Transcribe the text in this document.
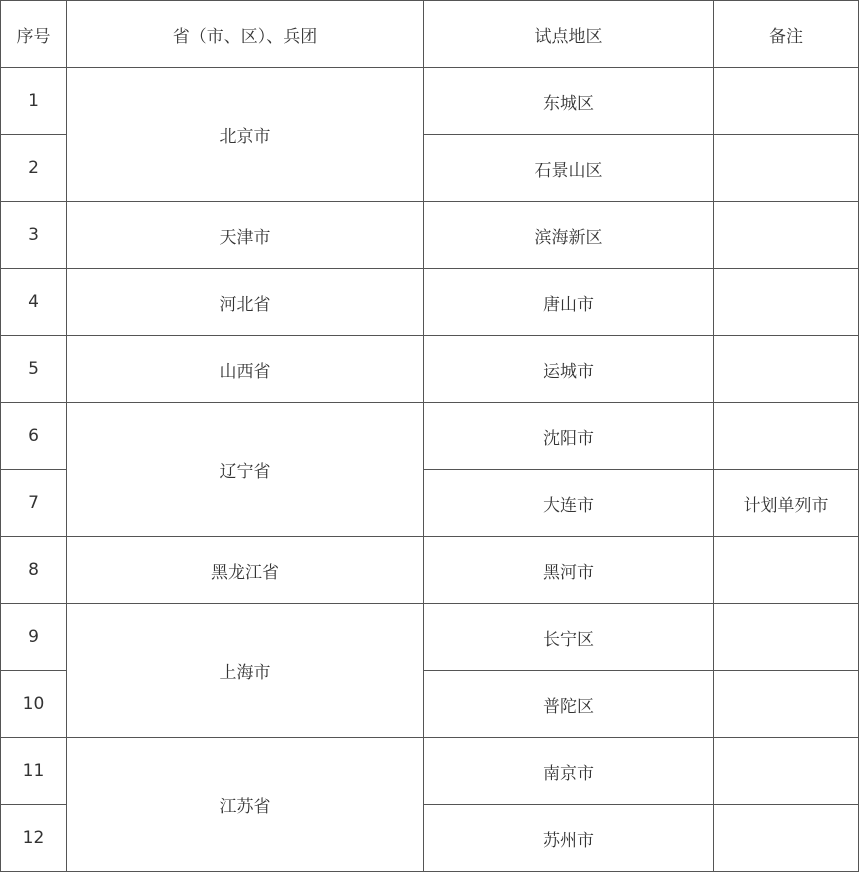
序号	省（市、区）、兵团	试点地区	备注
1	北京市	东城区	
2		石景山区	
3	天津市	滨海新区	
4	河北省	唐山市	
5	山西省	运城市	
6	辽宁省	沈阳市	
7		大连市	计划单列市
8	黑龙江省	黑河市	
9	上海市	长宁区	
10		普陀区	
11	江苏省	南京市	
12		苏州市	
